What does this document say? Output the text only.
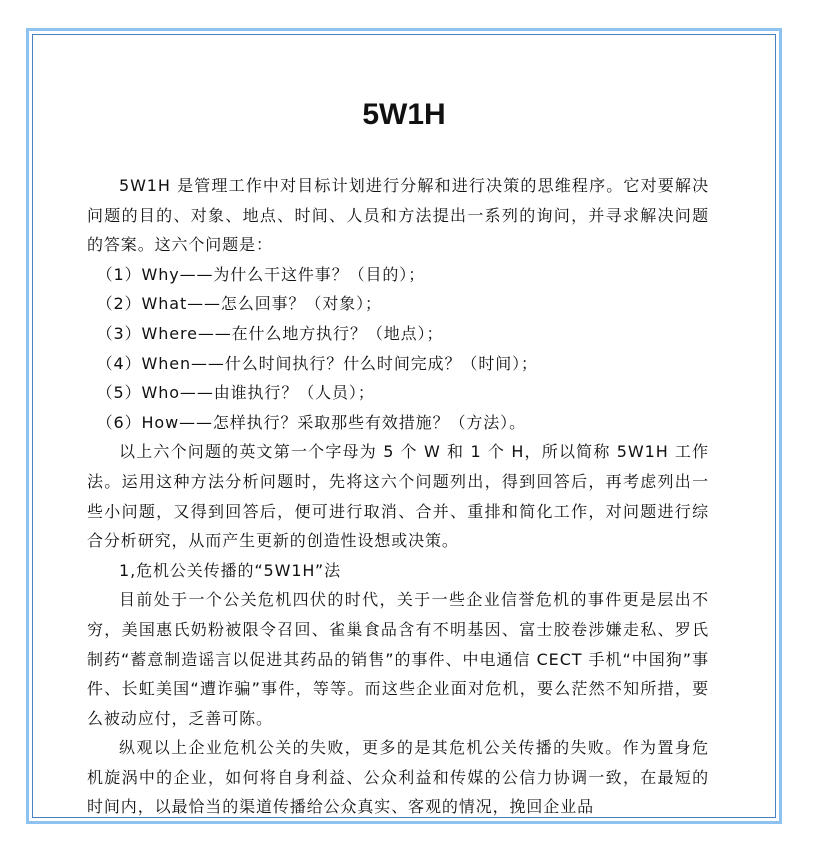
5W1H

5W1H 是管理工作中对目标计划进行分解和进行决策的思维程序。它对要解决问题的目的、对象、地点、时间、人员和方法提出一系列的询问，并寻求解决问题的答案。这六个问题是：

（1）Why——为什么干这件事？（目的）；

（2）What——怎么回事？（对象）；

（3）Where——在什么地方执行？（地点）；

（4）When——什么时间执行？什么时间完成？（时间）；

（5）Who——由谁执行？（人员）；

（6）How——怎样执行？采取那些有效措施？（方法）。

以上六个问题的英文第一个字母为 5 个 W 和 1 个 H，所以简称 5W1H 工作法。运用这种方法分析问题时，先将这六个问题列出，得到回答后，再考虑列出一些小问题，又得到回答后，便可进行取消、合并、重排和简化工作，对问题进行综合分析研究，从而产生更新的创造性设想或决策。

1,危机公关传播的“5W1H”法

目前处于一个公关危机四伏的时代，关于一些企业信誉危机的事件更是层出不穷，美国惠氏奶粉被限令召回、雀巢食品含有不明基因、富士胶卷涉嫌走私、罗氏制药“蓄意制造谣言以促进其药品的销售”的事件、中电通信 CECT 手机“中国狗”事件、长虹美国“遭诈骗”事件，等等。而这些企业面对危机，要么茫然不知所措，要么被动应付，乏善可陈。

纵观以上企业危机公关的失败，更多的是其危机公关传播的失败。作为置身危机旋涡中的企业，如何将自身利益、公众利益和传媒的公信力协调一致，在最短的时间内，以最恰当的渠道传播给公众真实、客观的情况，挽回企业品
